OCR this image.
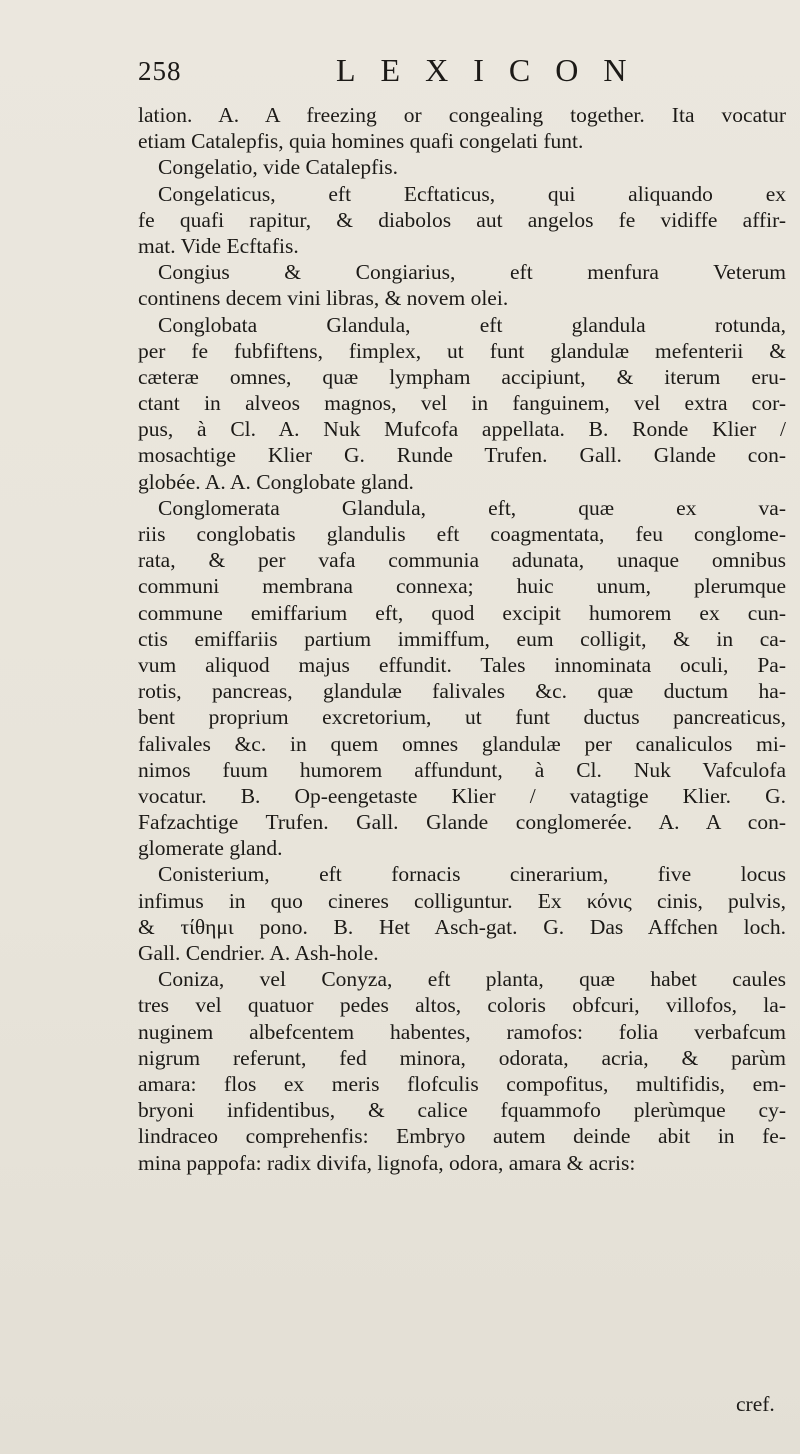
258	LEXICON
lation. A. A freezing or congealing together. Ita vocatur
etiam Catalepfis, quia homines quafi congelati funt.
Congelatio, vide Catalepfis.
Congelaticus, eft Ecftaticus, qui aliquando ex
fe quafi rapitur, & diabolos aut angelos fe vidiffe affir-
mat. Vide Ecftafis.
Congius & Congiarius, eft menfura Veterum
continens decem vini libras, & novem olei.
Conglobata Glandula, eft glandula rotunda,
per fe fubfiftens, fimplex, ut funt glandulæ mefenterii &
cæteræ omnes, quæ lympham accipiunt, & iterum eru-
ctant in alveos magnos, vel in fanguinem, vel extra cor-
pus, à Cl. A. Nuk Mufcofa appellata. B. Ronde Klier /
mosachtige Klier G. Runde Trufen. Gall. Glande con-
globée. A. A. Conglobate gland.
Conglomerata Glandula, eft, quæ ex va-
riis conglobatis glandulis eft coagmentata, feu conglome-
rata, & per vafa communia adunata, unaque omnibus
communi membrana connexa; huic unum, plerumque
commune emiffarium eft, quod excipit humorem ex cun-
ctis emiffariis partium immiffum, eum colligit, & in ca-
vum aliquod majus effundit. Tales innominata oculi, Pa-
rotis, pancreas, glandulæ falivales &c. quæ ductum ha-
bent proprium excretorium, ut funt ductus pancreaticus,
falivales &c. in quem omnes glandulæ per canaliculos mi-
nimos fuum humorem affundunt, à Cl. Nuk Vafculofa
vocatur. B. Op-eengetaste Klier / vatagtige Klier. G.
Fafzachtige Trufen. Gall. Glande conglomerée. A. A con-
glomerate gland.
Conisterium, eft fornacis cinerarium, five locus
infimus in quo cineres colliguntur. Ex κόνις cinis, pulvis,
& τίθημι pono. B. Het Asch-gat. G. Das Affchen loch.
Gall. Cendrier. A. Ash-hole.
Coniza, vel Conyza, eft planta, quæ habet caules
tres vel quatuor pedes altos, coloris obfcuri, villofos, la-
nuginem albefcentem habentes, ramofos: folia verbafcum
nigrum referunt, fed minora, odorata, acria, & parùm
amara: flos ex meris flofculis compofitus, multifidis, em-
bryoni infidentibus, & calice fquammofo plerùmque cy-
lindraceo comprehenfis: Embryo autem deinde abit in fe-
mina pappofa: radix divifa, lignofa, odora, amara & acris:
cref.
